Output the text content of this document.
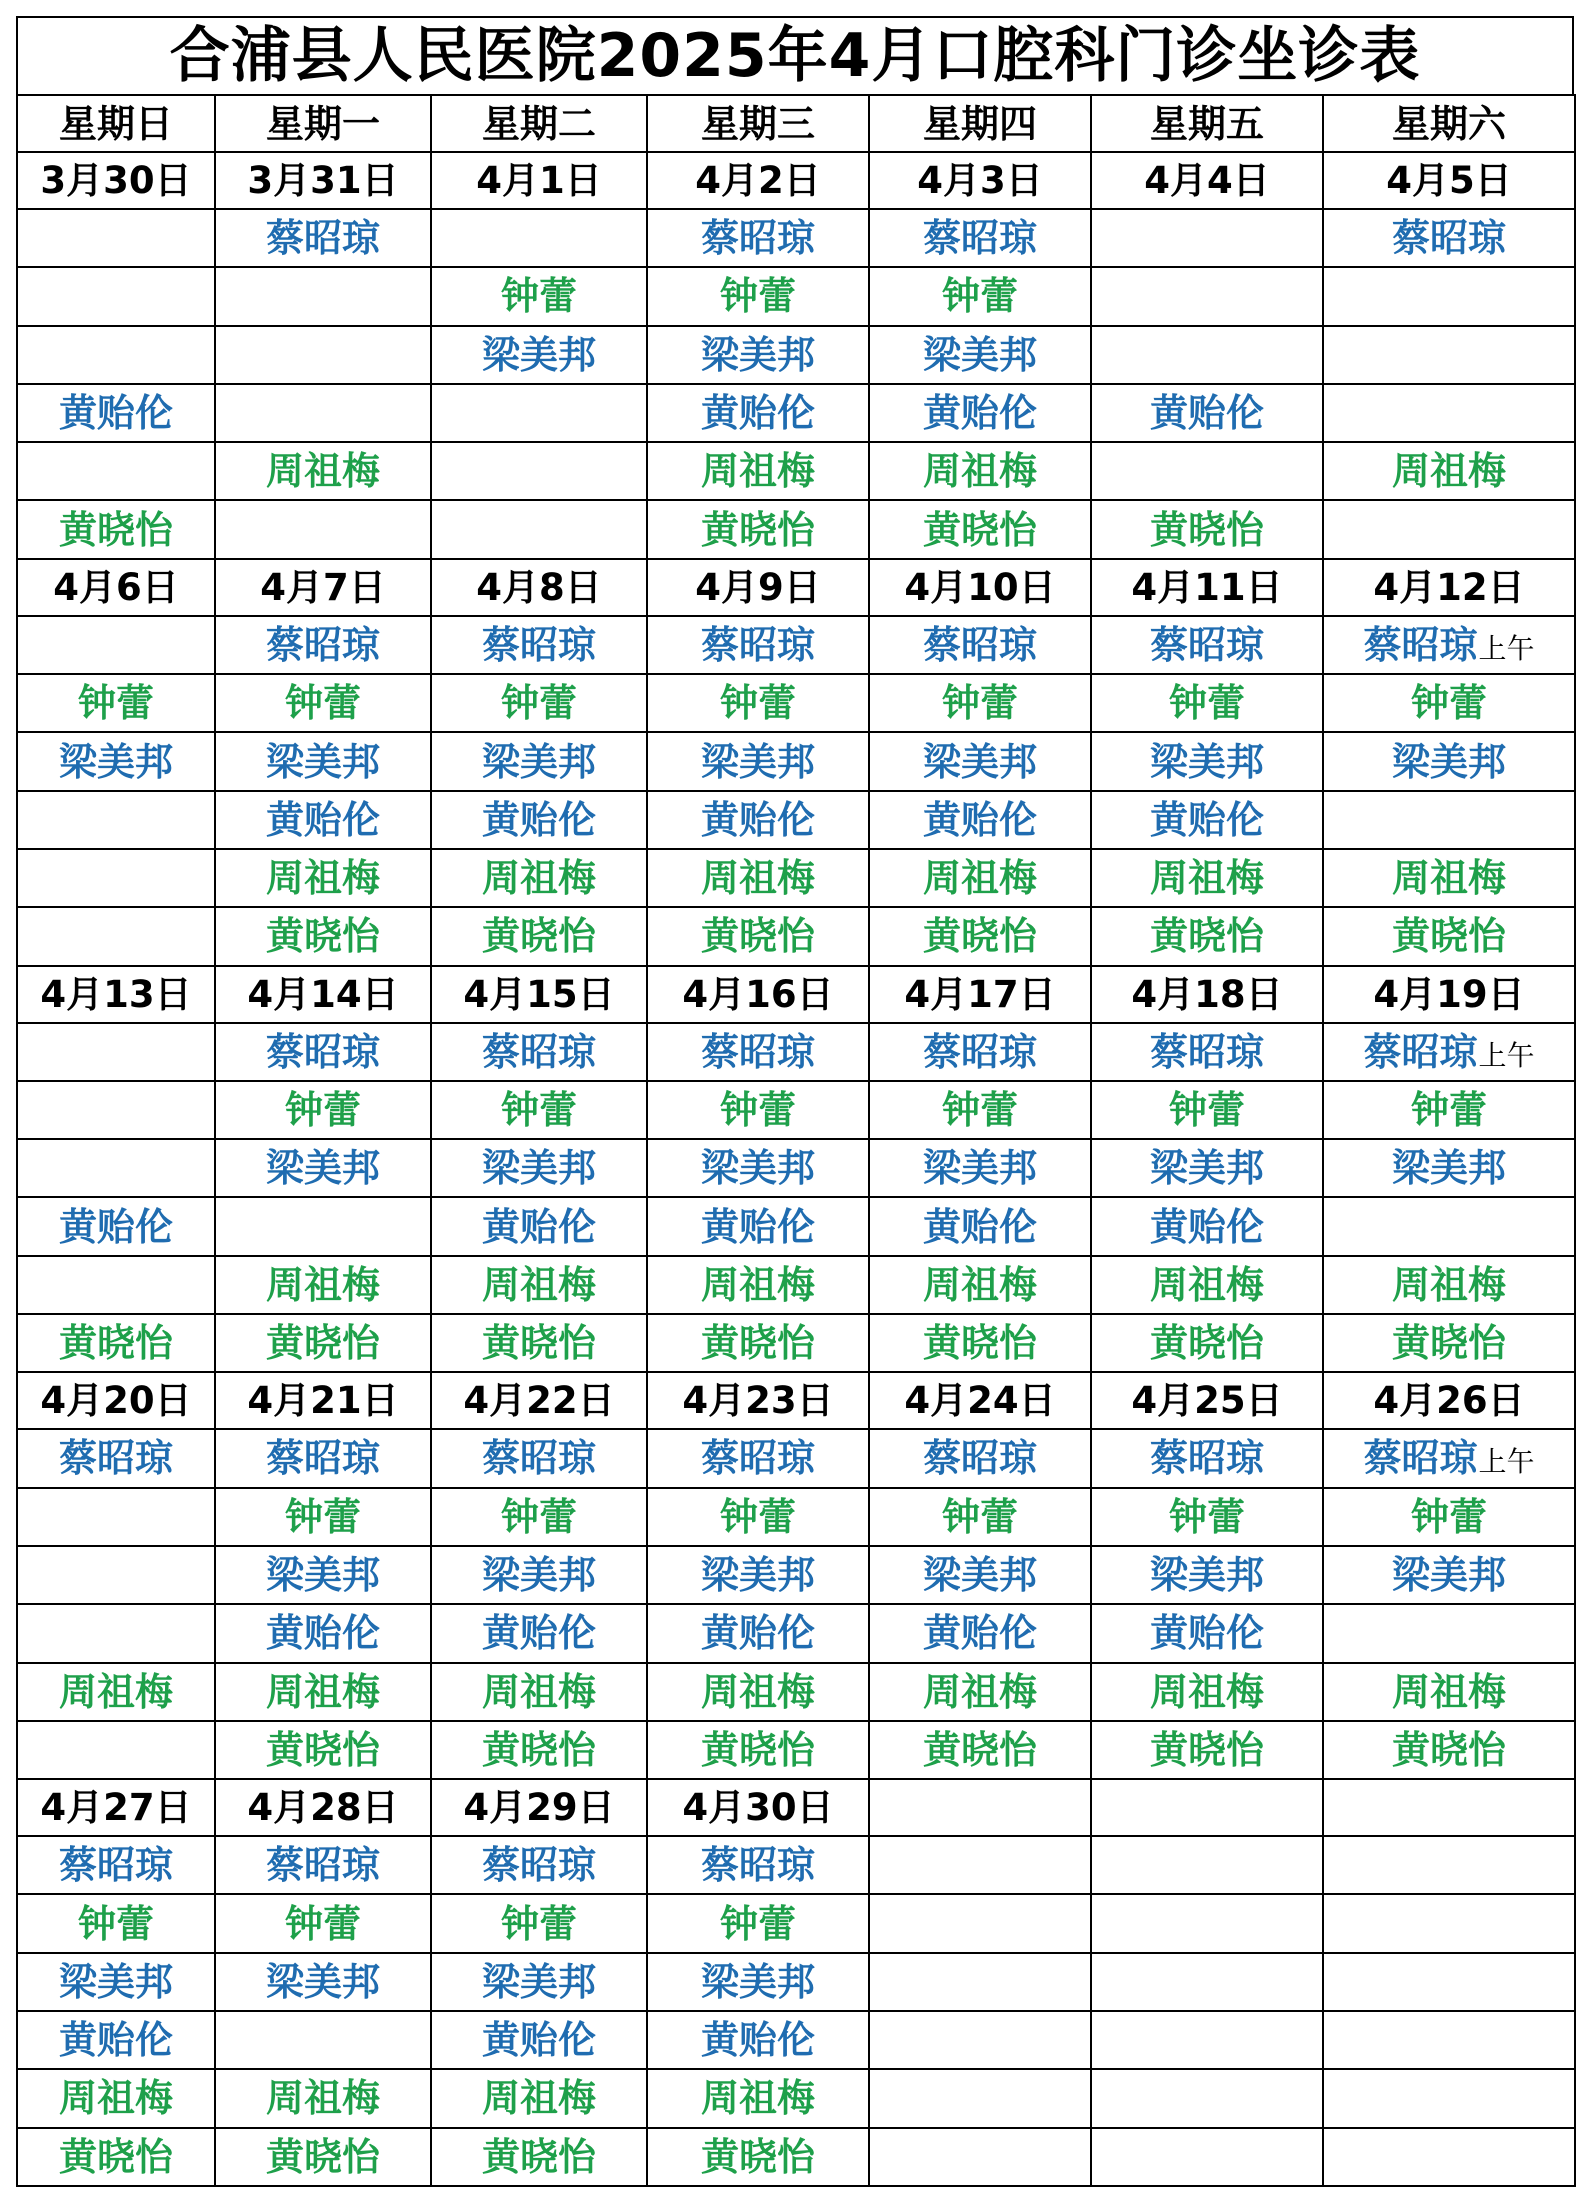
合浦县人民医院2025年4月口腔科门诊坐诊表
星期日	星期一	星期二	星期三	星期四	星期五	星期六
3月30日	3月31日	4月1日	4月2日	4月3日	4月4日	4月5日
	蔡昭琼		蔡昭琼	蔡昭琼		蔡昭琼
		钟蕾	钟蕾	钟蕾		
		梁美邦	梁美邦	梁美邦		
黄贻伦			黄贻伦	黄贻伦	黄贻伦	
	周祖梅		周祖梅	周祖梅		周祖梅
黄晓怡			黄晓怡	黄晓怡	黄晓怡	
4月6日	4月7日	4月8日	4月9日	4月10日	4月11日	4月12日
	蔡昭琼	蔡昭琼	蔡昭琼	蔡昭琼	蔡昭琼	蔡昭琼上午
钟蕾	钟蕾	钟蕾	钟蕾	钟蕾	钟蕾	钟蕾
梁美邦	梁美邦	梁美邦	梁美邦	梁美邦	梁美邦	梁美邦
	黄贻伦	黄贻伦	黄贻伦	黄贻伦	黄贻伦	
	周祖梅	周祖梅	周祖梅	周祖梅	周祖梅	周祖梅
	黄晓怡	黄晓怡	黄晓怡	黄晓怡	黄晓怡	黄晓怡
4月13日	4月14日	4月15日	4月16日	4月17日	4月18日	4月19日
	蔡昭琼	蔡昭琼	蔡昭琼	蔡昭琼	蔡昭琼	蔡昭琼上午
	钟蕾	钟蕾	钟蕾	钟蕾	钟蕾	钟蕾
	梁美邦	梁美邦	梁美邦	梁美邦	梁美邦	梁美邦
黄贻伦		黄贻伦	黄贻伦	黄贻伦	黄贻伦	
	周祖梅	周祖梅	周祖梅	周祖梅	周祖梅	周祖梅
黄晓怡	黄晓怡	黄晓怡	黄晓怡	黄晓怡	黄晓怡	黄晓怡
4月20日	4月21日	4月22日	4月23日	4月24日	4月25日	4月26日
蔡昭琼	蔡昭琼	蔡昭琼	蔡昭琼	蔡昭琼	蔡昭琼	蔡昭琼上午
	钟蕾	钟蕾	钟蕾	钟蕾	钟蕾	钟蕾
	梁美邦	梁美邦	梁美邦	梁美邦	梁美邦	梁美邦
	黄贻伦	黄贻伦	黄贻伦	黄贻伦	黄贻伦	
周祖梅	周祖梅	周祖梅	周祖梅	周祖梅	周祖梅	周祖梅
	黄晓怡	黄晓怡	黄晓怡	黄晓怡	黄晓怡	黄晓怡
4月27日	4月28日	4月29日	4月30日			
蔡昭琼	蔡昭琼	蔡昭琼	蔡昭琼			
钟蕾	钟蕾	钟蕾	钟蕾			
梁美邦	梁美邦	梁美邦	梁美邦			
黄贻伦		黄贻伦	黄贻伦			
周祖梅	周祖梅	周祖梅	周祖梅			
黄晓怡	黄晓怡	黄晓怡	黄晓怡			
